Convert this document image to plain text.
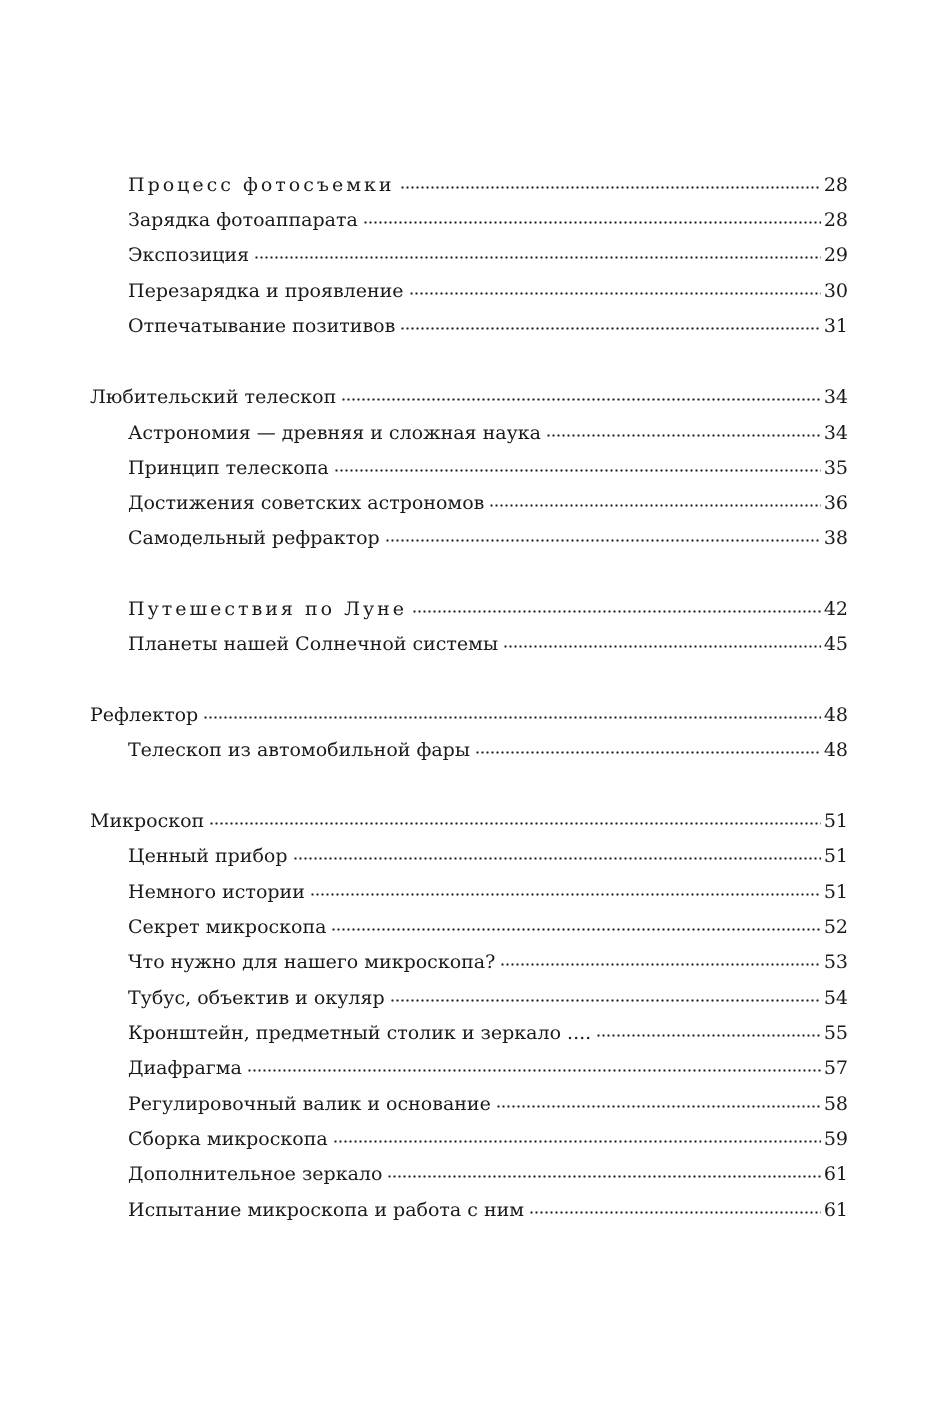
Процесс фотосъемки	28
Зарядка фотоаппарата	28
Экспозиция	29
Перезарядка и проявление	30
Отпечатывание позитивов	31
Любительский телескоп	34
Астрономия — древняя и сложная наука	34
Принцип телескопа	35
Достижения советских астрономов	36
Самодельный рефрактор	38
Путешествия по Луне	42
Планеты нашей Солнечной системы	45
Рефлектор	48
Телескоп из автомобильной фары	48
Микроскоп	51
Ценный прибор	51
Немного истории	51
Секрет микроскопа	52
Что нужно для нашего микроскопа?	53
Тубус, объектив и окуляр	54
Кронштейн, предметный столик и зеркало ....	55
Диафрагма	57
Регулировочный валик и основание	58
Сборка микроскопа	59
Дополнительное зеркало	61
Испытание микроскопа и работа с ним	61
